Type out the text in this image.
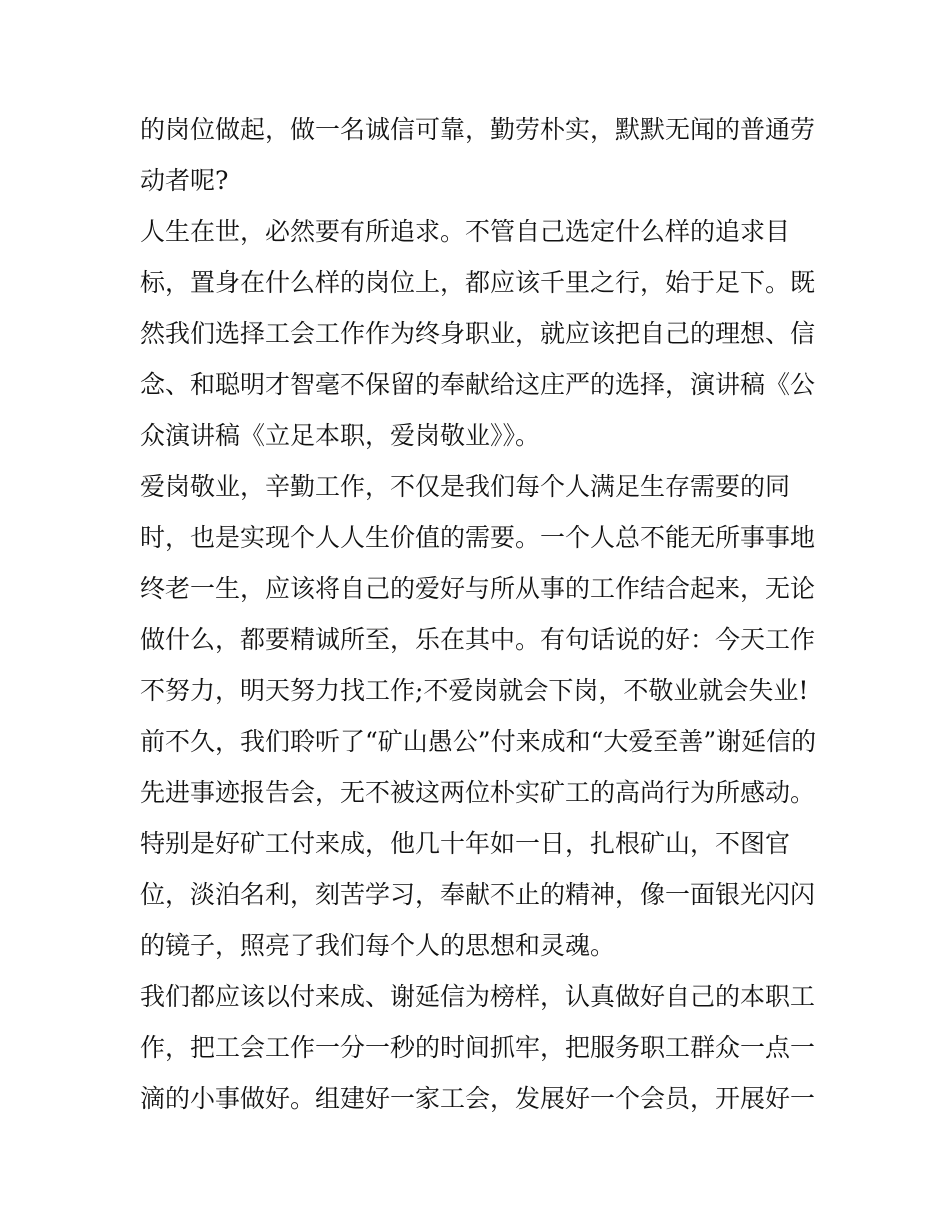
的岗位做起，做一名诚信可靠，勤劳朴实，默默无闻的普通劳
动者呢?
人生在世，必然要有所追求。不管自己选定什么样的追求目
标，置身在什么样的岗位上，都应该千里之行，始于足下。既
然我们选择工会工作作为终身职业，就应该把自己的理想、信
念、和聪明才智毫不保留的奉献给这庄严的选择，演讲稿《公
众演讲稿《立足本职，爱岗敬业》》。
爱岗敬业，辛勤工作，不仅是我们每个人满足生存需要的同
时，也是实现个人人生价值的需要。一个人总不能无所事事地
终老一生，应该将自己的爱好与所从事的工作结合起来，无论
做什么，都要精诚所至，乐在其中。有句话说的好：今天工作
不努力，明天努力找工作;不爱岗就会下岗，不敬业就会失业!
前不久，我们聆听了“矿山愚公”付来成和“大爱至善”谢延信的
先进事迹报告会，无不被这两位朴实矿工的高尚行为所感动。
特别是好矿工付来成，他几十年如一日，扎根矿山，不图官
位，淡泊名利，刻苦学习，奉献不止的精神，像一面银光闪闪
的镜子，照亮了我们每个人的思想和灵魂。
我们都应该以付来成、谢延信为榜样，认真做好自己的本职工
作，把工会工作一分一秒的时间抓牢，把服务职工群众一点一
滴的小事做好。组建好一家工会，发展好一个会员，开展好一
